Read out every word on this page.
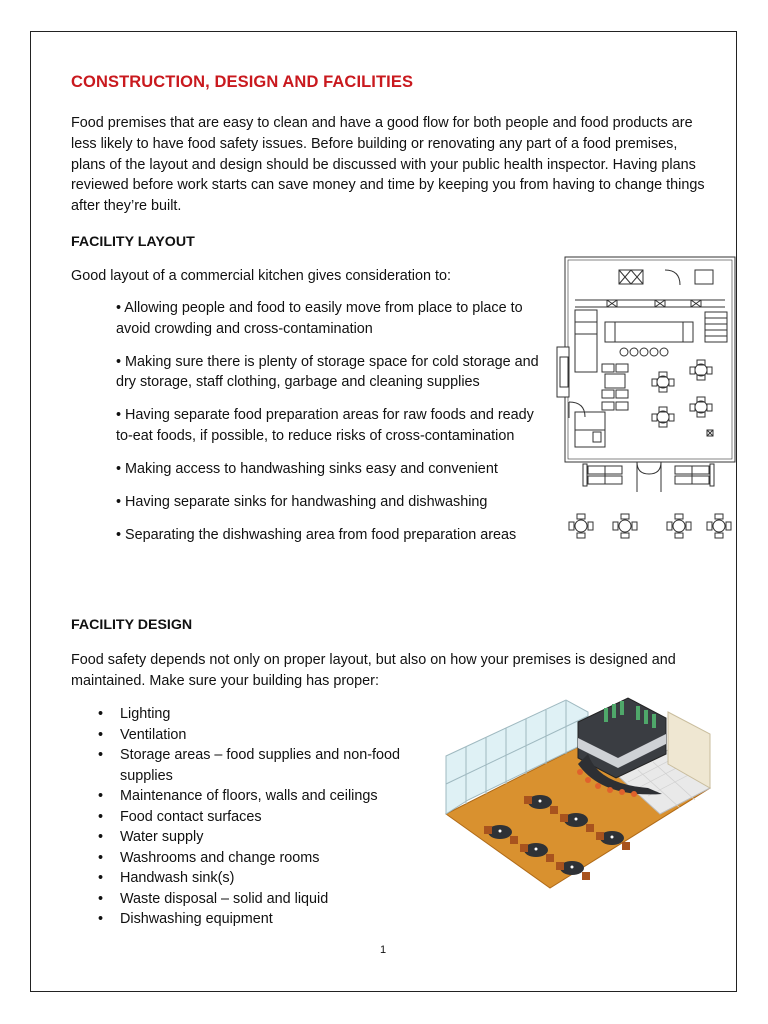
CONSTRUCTION, DESIGN AND FACILITIES

Food premises that are easy to clean and have a good flow for both people and food products are less likely to have food safety issues. Before building or renovating any part of a food premises, plans of the layout and design should be discussed with your public health inspector. Having plans reviewed before work starts can save money and time by keeping you from having to change things after they’re built.

FACILITY LAYOUT

Good layout of a commercial kitchen gives consideration to:

• Allowing people and food to easily move from place to place to avoid crowding and cross-contamination
• Making sure there is plenty of storage space for cold storage and dry storage, staff clothing, garbage and cleaning supplies
• Having separate food preparation areas for raw foods and ready to-eat foods, if possible, to reduce risks of cross-contamination
• Making access to handwashing sinks easy and convenient
• Having separate sinks for handwashing and dishwashing
• Separating the dishwashing area from food preparation areas
FACILITY DESIGN

Food safety depends not only on proper layout, but also on how your premises is designed and maintained. Make sure your building has proper:

• Lighting
• Ventilation
• Storage areas – food supplies and non-food supplies
• Maintenance of floors, walls and ceilings
• Food contact surfaces
• Water supply
• Washrooms and change rooms
• Handwash sink(s)
• Waste disposal – solid and liquid
• Dishwashing equipment
1
